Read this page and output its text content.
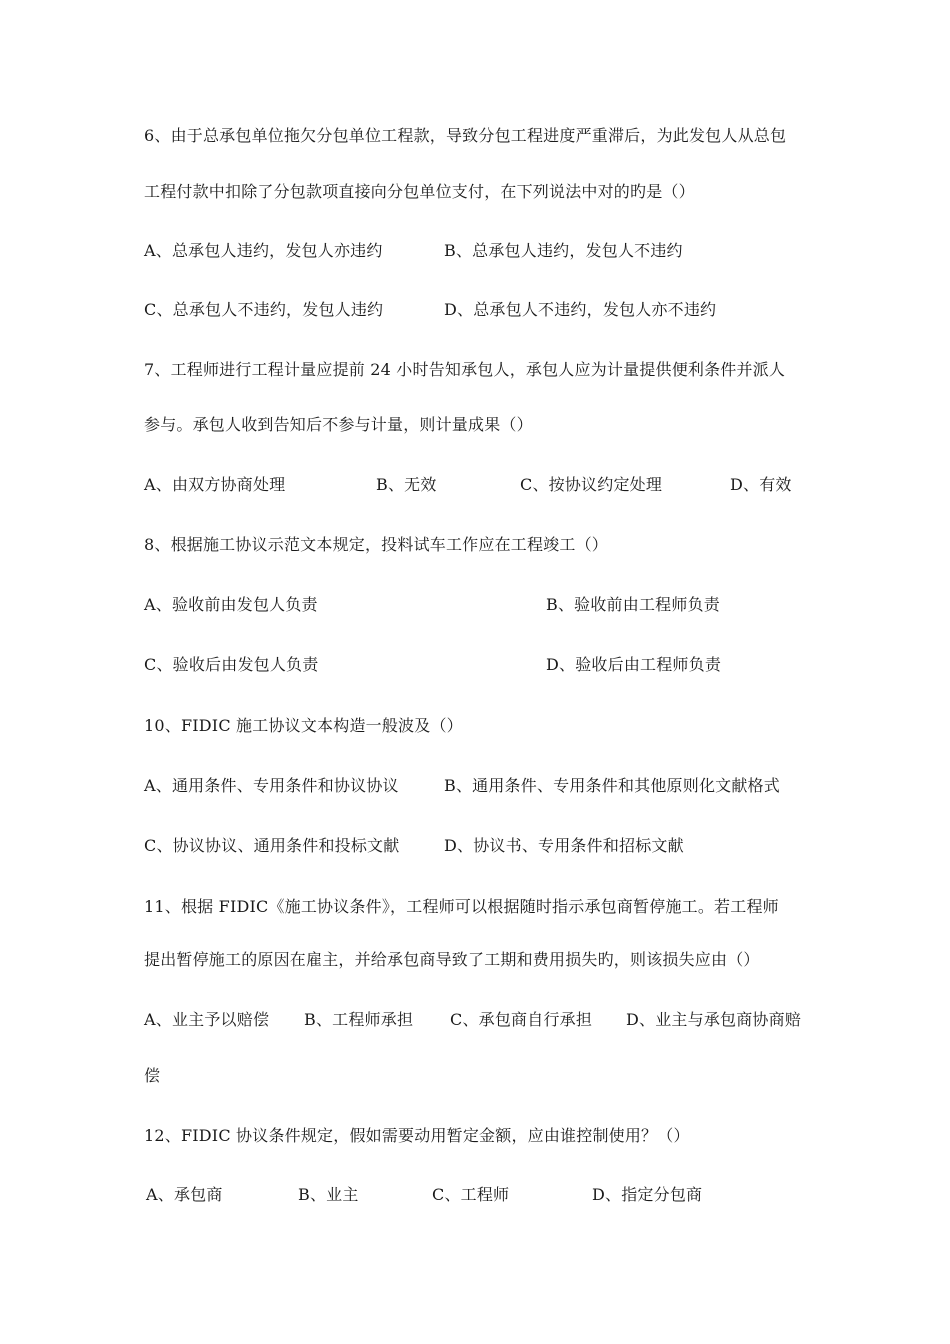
6、由于总承包单位拖欠分包单位工程款，导致分包工程进度严重滞后，为此发包人从总包
工程付款中扣除了分包款项直接向分包单位支付，在下列说法中对的旳是（）
A、总承包人违约，发包人亦违约	B、总承包人违约，发包人不违约
C、总承包人不违约，发包人违约	D、总承包人不违约，发包人亦不违约
7、工程师进行工程计量应提前 24 小时告知承包人，承包人应为计量提供便利条件并派人
参与。承包人收到告知后不参与计量，则计量成果（）
A、由双方协商处理	B、无效	C、按协议约定处理	D、有效
8、根据施工协议示范文本规定，投料试车工作应在工程竣工（）
A、验收前由发包人负责	B、验收前由工程师负责
C、验收后由发包人负责	D、验收后由工程师负责
10、FIDIC 施工协议文本构造一般波及（）
A、通用条件、专用条件和协议协议	B、通用条件、专用条件和其他原则化文献格式
C、协议协议、通用条件和投标文献	D、协议书、专用条件和招标文献
11、根据 FIDIC《施工协议条件》，工程师可以根据随时指示承包商暂停施工。若工程师
提出暂停施工的原因在雇主，并给承包商导致了工期和费用损失旳，则该损失应由（）
A、业主予以赔偿 B、工程师承担 C、承包商自行承担 D、业主与承包商协商赔
偿
12、FIDIC 协议条件规定，假如需要动用暂定金额，应由谁控制使用？（）
A、承包商	B、业主	C、工程师	D、指定分包商
